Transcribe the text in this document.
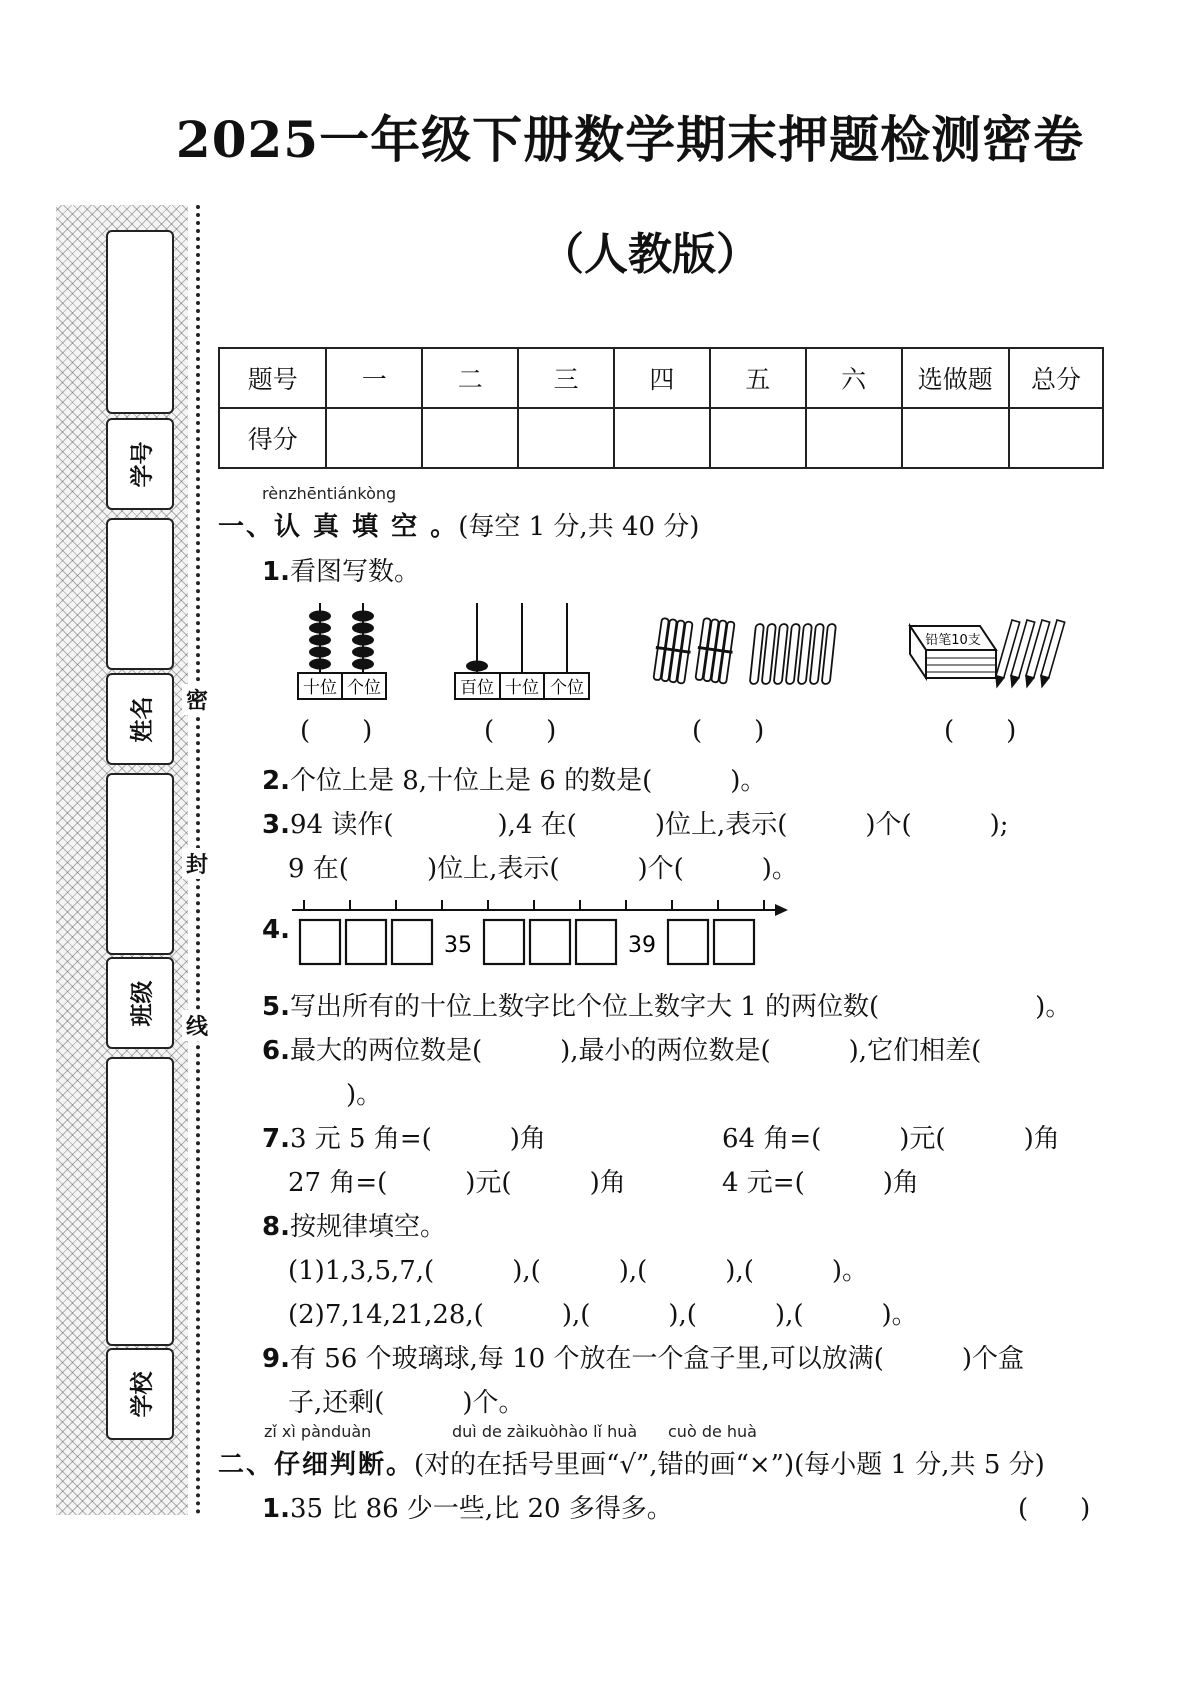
2025一年级下册数学期末押题检测密卷
（人教版）
学号
姓名
班级
学校
密
封
线
题号	一	二	三	四	五	六	选做题	总分
得分								
rènzhēntiánkòng
一、认 真 填 空 。(每空 1 分,共 40 分)
1.看图写数。
十位 个位	百位 十位 个位
铅笔10支
(　　)	(　　)	(　　)	(　　)
2.个位上是 8,十位上是 6 的数是(　　　)。
3.94 读作(　　　　),4 在(　　　)位上,表示(　　　)个(　　　);
9 在(　　　)位上,表示(　　　)个(　　　)。
4.
35	39
5.写出所有的十位上数字比个位上数字大 1 的两位数(　　　　　　)。
6.最大的两位数是(　　　),最小的两位数是(　　　),它们相差(
)。
7.3 元 5 角=(　　　)角	64 角=(　　　)元(　　　)角
27 角=(　　　)元(　　　)角	4 元=(　　　)角
8.按规律填空。
(1)1,3,5,7,(　　　),(　　　),(　　　),(　　　)。
(2)7,14,21,28,(　　　),(　　　),(　　　),(　　　)。
9.有 56 个玻璃球,每 10 个放在一个盒子里,可以放满(　　　)个盒
子,还剩(　　　)个。
zǐ xì pànduàn	duì de zàikuòhào lǐ huà cuò de huà
二、仔细判断。(对的在括号里画“√”,错的画“×”)(每小题 1 分,共 5 分)
1.35 比 86 少一些,比 20 多得多。	(　　)
